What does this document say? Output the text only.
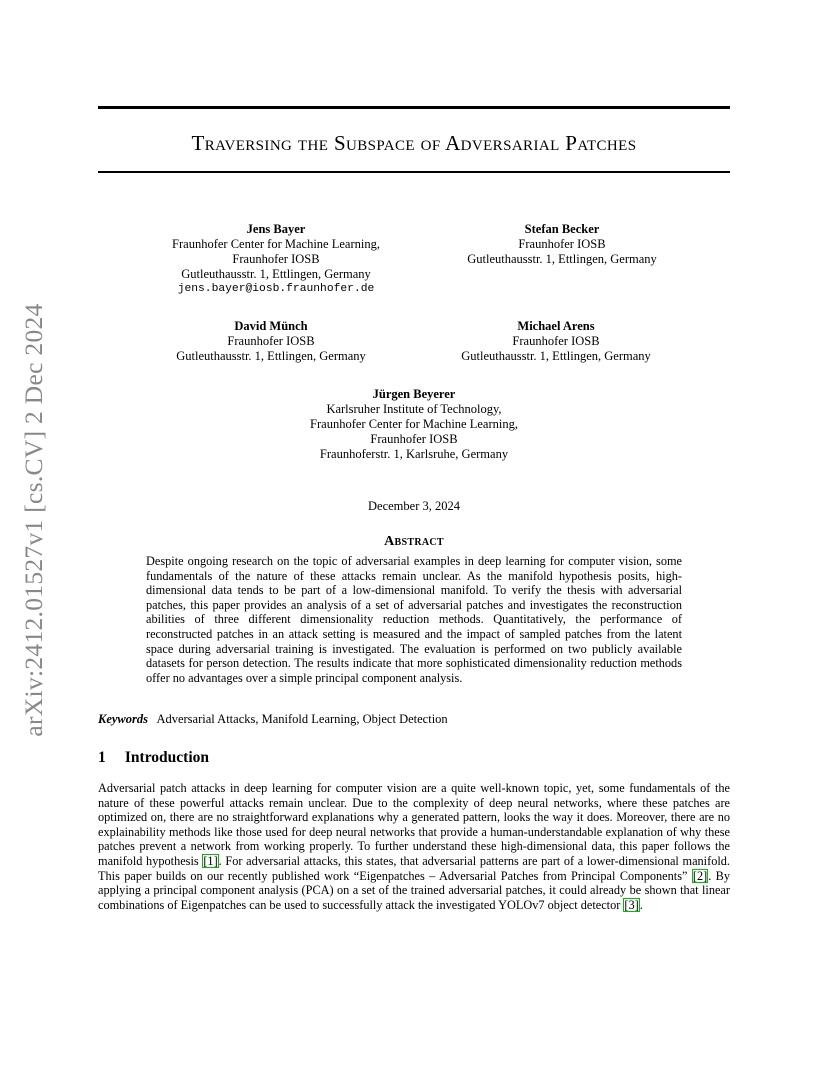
arXiv:2412.01527v1 [cs.CV] 2 Dec 2024
Traversing the Subspace of Adversarial Patches
Jens Bayer
Fraunhofer Center for Machine Learning,
Fraunhofer IOSB
Gutleuthausstr. 1, Ettlingen, Germany
jens.bayer@iosb.fraunhofer.de
Stefan Becker
Fraunhofer IOSB
Gutleuthausstr. 1, Ettlingen, Germany
David Münch
Fraunhofer IOSB
Gutleuthausstr. 1, Ettlingen, Germany
Michael Arens
Fraunhofer IOSB
Gutleuthausstr. 1, Ettlingen, Germany
Jürgen Beyerer
Karlsruher Institute of Technology,
Fraunhofer Center for Machine Learning,
Fraunhofer IOSB
Fraunhoferstr. 1, Karlsruhe, Germany
December 3, 2024
Abstract
Despite ongoing research on the topic of adversarial examples in deep learning for computer vision, some fundamentals of the nature of these attacks remain unclear. As the manifold hypothesis posits, high-dimensional data tends to be part of a low-dimensional manifold. To verify the thesis with adversarial patches, this paper provides an analysis of a set of adversarial patches and investigates the reconstruction abilities of three different dimensionality reduction methods. Quantitatively, the performance of reconstructed patches in an attack setting is measured and the impact of sampled patches from the latent space during adversarial training is investigated. The evaluation is performed on two publicly available datasets for person detection. The results indicate that more sophisticated dimensionality reduction methods offer no advantages over a simple principal component analysis.
Keywords Adversarial Attacks, Manifold Learning, Object Detection
1 Introduction
Adversarial patch attacks in deep learning for computer vision are a quite well-known topic, yet, some fundamentals of the nature of these powerful attacks remain unclear. Due to the complexity of deep neural networks, where these patches are optimized on, there are no straightforward explanations why a generated pattern, looks the way it does. Moreover, there are no explainability methods like those used for deep neural networks that provide a human-understandable explanation of why these patches prevent a network from working properly. To further understand these high-dimensional data, this paper follows the manifold hypothesis [1]. For adversarial attacks, this states, that adversarial patterns are part of a lower-dimensional manifold. This paper builds on our recently published work “Eigenpatches – Adversarial Patches from Principal Components” [2]. By applying a principal component analysis (PCA) on a set of the trained adversarial patches, it could already be shown that linear combinations of Eigenpatches can be used to successfully attack the investigated YOLOv7 object detector [3].
